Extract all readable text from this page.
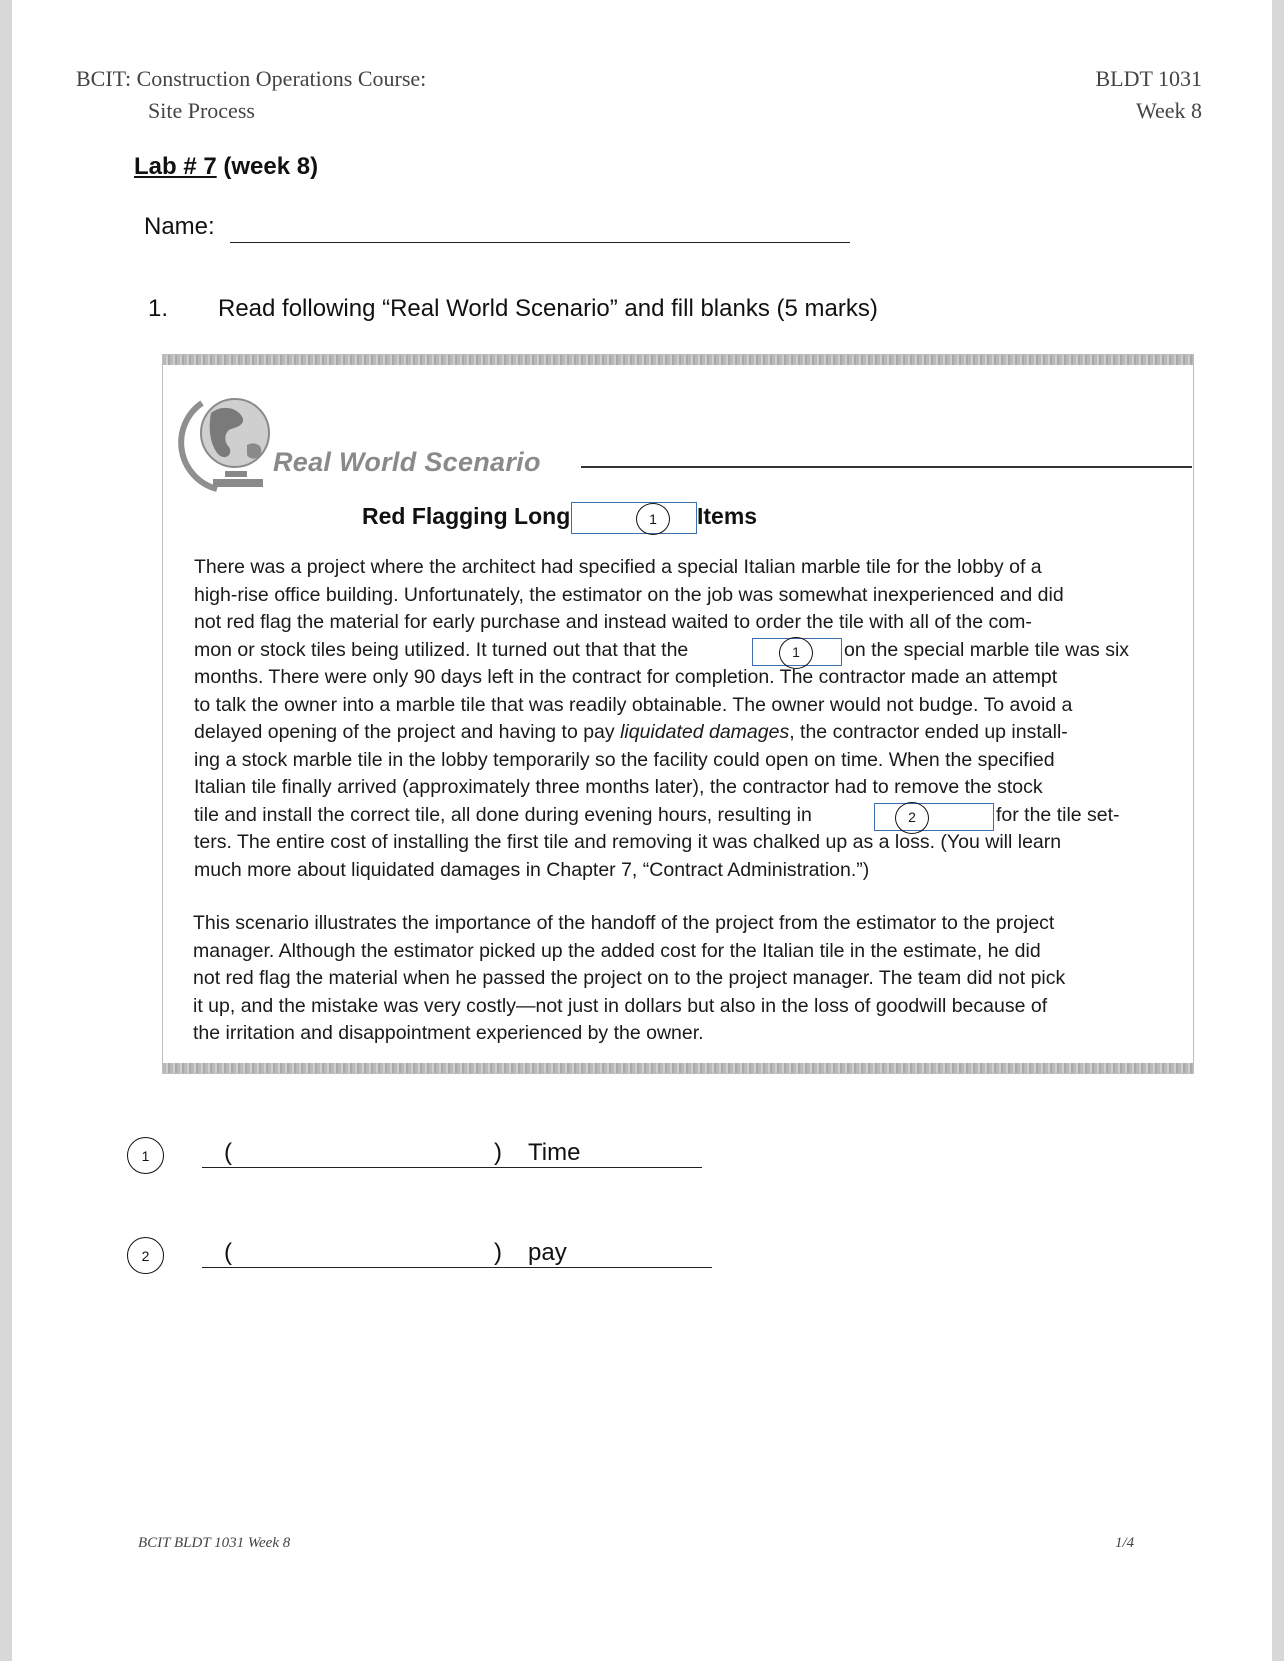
BCIT: Construction Operations Course:
Site Process
BLDT 1031
Week 8
Lab # 7 (week 8)
Name:
1. Read following “Real World Scenario” and fill blanks (5 marks)
Real World Scenario
Red Flagging Long	1	Items
There was a project where the architect had specified a special Italian marble tile for the lobby of a
high-rise office building. Unfortunately, the estimator on the job was somewhat inexperienced and did
not red flag the material for early purchase and instead waited to order the tile with all of the com-
mon or stock tiles being utilized. It turned out that that the	1	on the special marble tile was six
months. There were only 90 days left in the contract for completion. The contractor made an attempt
to talk the owner into a marble tile that was readily obtainable. The owner would not budge. To avoid a
delayed opening of the project and having to pay liquidated damages, the contractor ended up install-
ing a stock marble tile in the lobby temporarily so the facility could open on time. When the specified
Italian tile finally arrived (approximately three months later), the contractor had to remove the stock
tile and install the correct tile, all done during evening hours, resulting in	2	for the tile set-
ters. The entire cost of installing the first tile and removing it was chalked up as a loss. (You will learn
much more about liquidated damages in Chapter 7, “Contract Administration.”)
This scenario illustrates the importance of the handoff of the project from the estimator to the project
manager. Although the estimator picked up the added cost for the Italian tile in the estimate, he did
not red flag the material when he passed the project on to the project manager. The team did not pick
it up, and the mistake was very costly—not just in dollars but also in the loss of goodwill because of
the irritation and disappointment experienced by the owner.
1	(	) Time
2	(	) pay
BCIT BLDT 1031 Week 8	1/4
